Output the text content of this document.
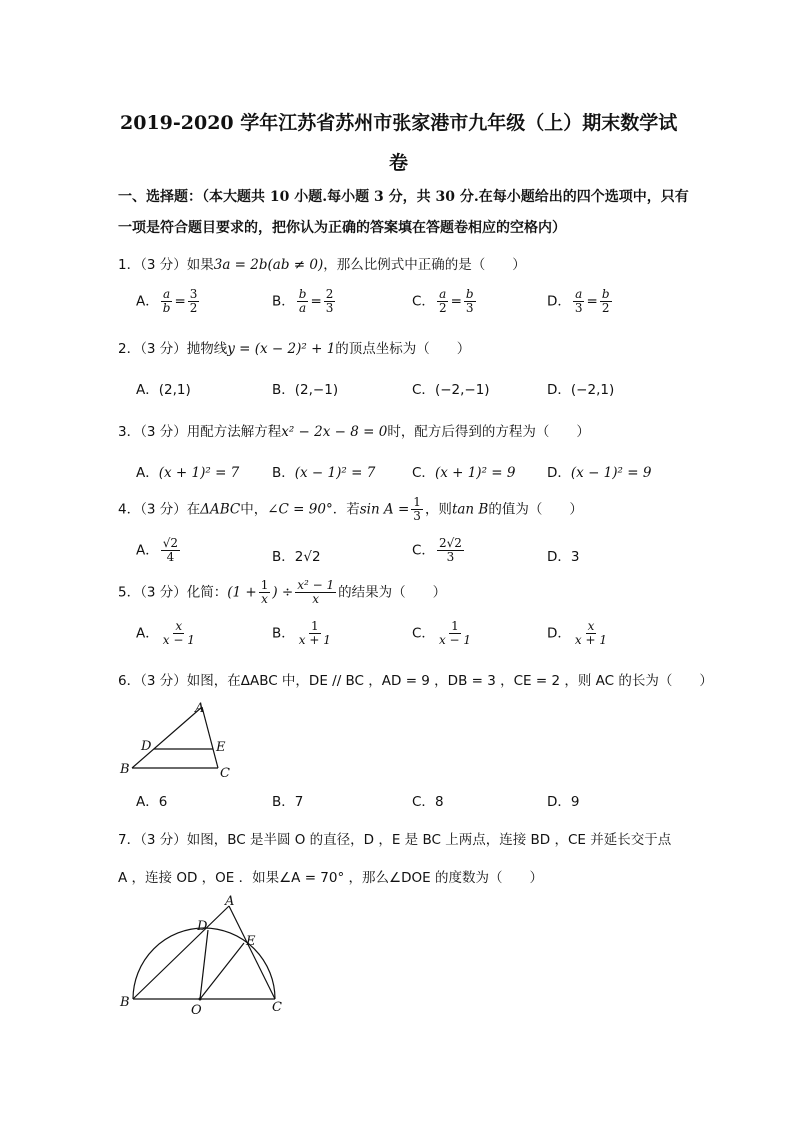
2019-2020 学年江苏省苏州市张家港市九年级（上）期末数学试
卷
一、选择题：（本大题共 10 小题.每小题 3 分，共 30 分.在每小题给出的四个选项中，只有
一项是符合题目要求的，把你认为正确的答案填在答题卷相应的空格内）
1．（3 分）如果3a = 2b(ab ≠ 0)，那么比例式中正确的是（　　）
A． $\frac{a}{b} = \frac{3}{2}$	B． $\frac{b}{a} = \frac{2}{3}$	C． $\frac{a}{2} = \frac{b}{3}$	D． $\frac{a}{3} = \frac{b}{2}$
2．（3 分）抛物线y = (x − 2)² + 1的顶点坐标为（　　）
A．(2,1)	B．(2,−1)	C．(−2,−1)	D．(−2,1)
3．（3 分）用配方法解方程x² − 2x − 8 = 0时，配方后得到的方程为（　　）
A．(x + 1)² = 7 B．(x − 1)² = 7	C．(x + 1)² = 9 D．(x − 1)² = 9
4．（3 分）在ΔABC中，∠C = 90°．若$\sin A = \frac{1}{3}$ ，则tan B的值为（　　）
A． $\frac{√2}{4}$	B．2√2	C． $\frac{2√2}{3}$	D．3
5．（3 分）化简：($1 + \frac{1}{x}$ ) ÷ $\frac{\text{x² − 1}}{x}$ 的结果为（　　）
A． $\frac{x}{x - 1}$	B． $\frac{1}{x + 1}$	C． $\frac{1}{x - 1}$	D． $\frac{x}{x + 1}$
6．（3 分）如图，在ΔABC 中，DE // BC ，AD = 9 ，DB = 3 ，CE = 2 ，则 AC 的长为（　　）
A
B	C
D	E
A．6	B．7	C．8	D．9
7．（3 分）如图，BC 是半圆 O 的直径，D ，E 是 BC 上两点，连接 BD ，CE 并延长交于点
A ，连接 OD ，OE ．如果∠A = 70° ，那么∠DOE 的度数为（　　）
A
B	C
D
E
O
